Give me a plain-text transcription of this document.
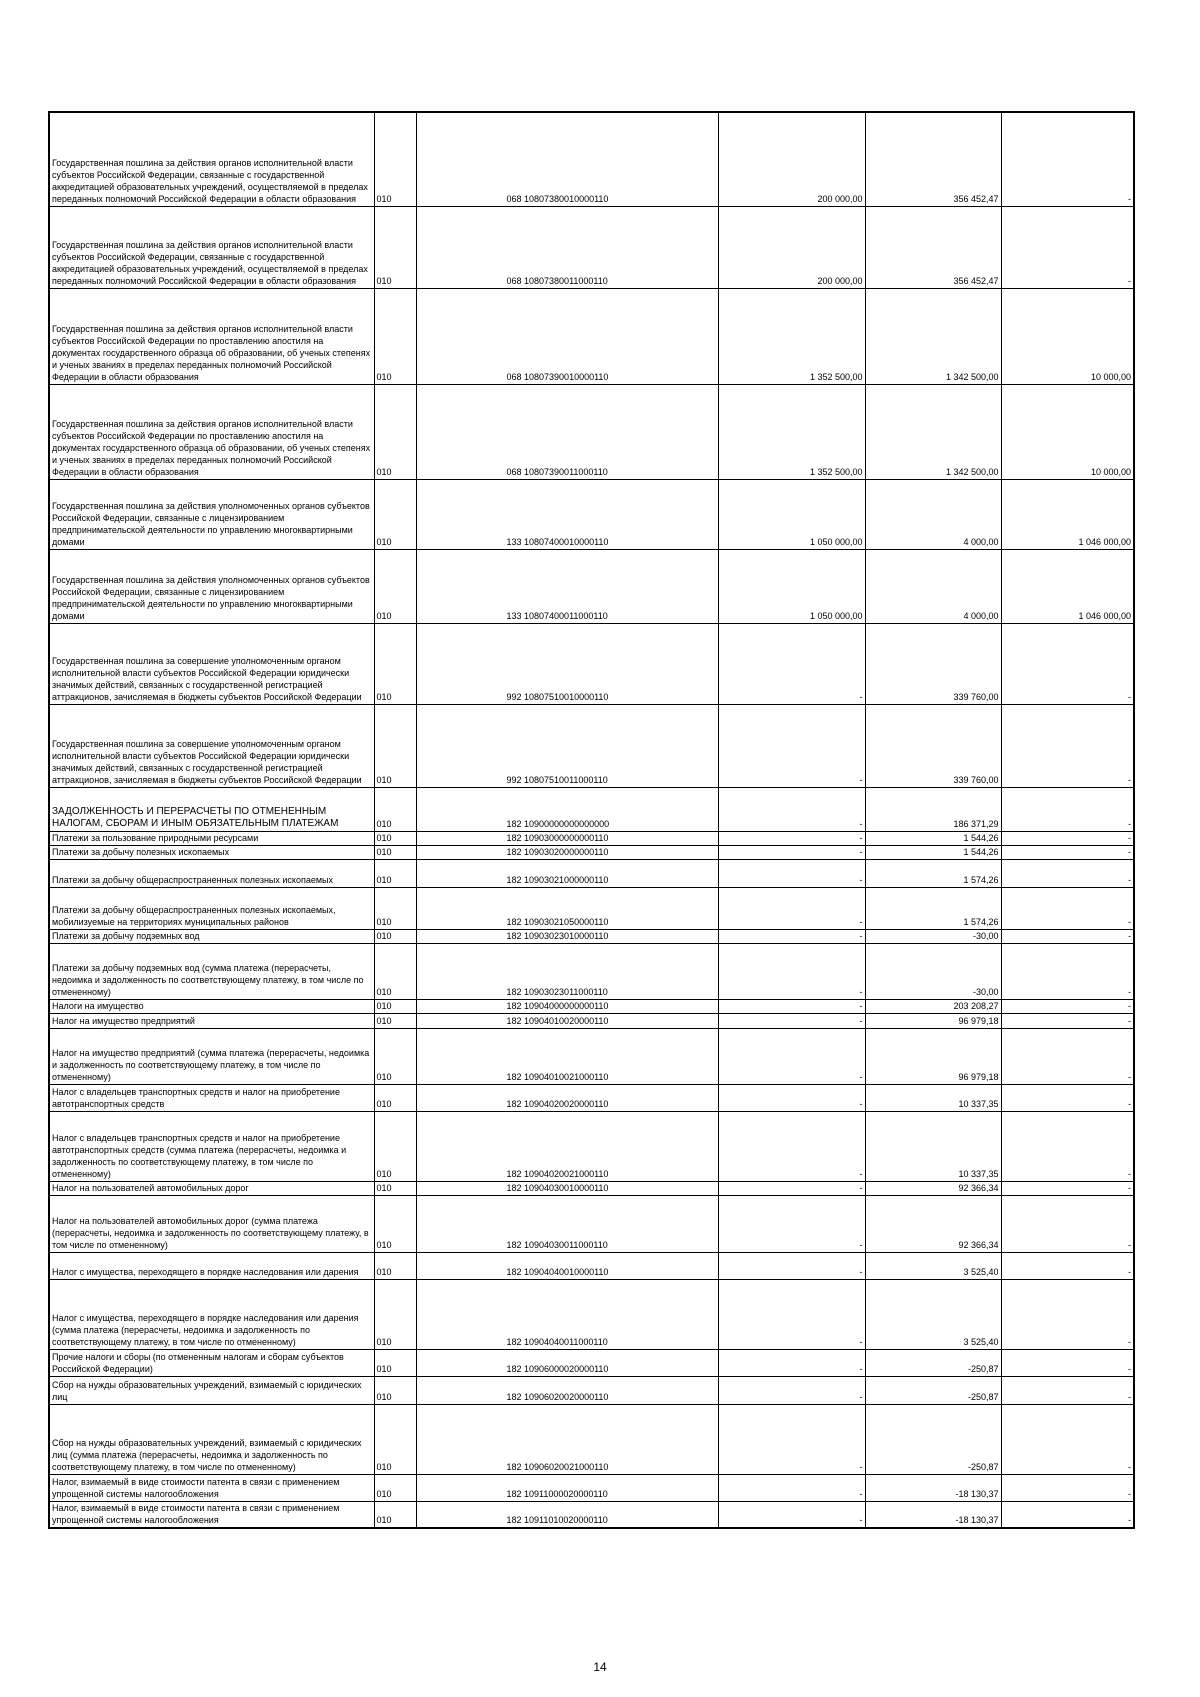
Государственная пошлина за действия органов исполнительной власти субъектов Российской Федерации, связанные с государственной аккредитацией образовательных учреждений, осуществляемой в пределах переданных полномочий Российской Федерации в области образования	010	068 10807380010000110	200 000,00	356 452,47	-
Государственная пошлина за действия органов исполнительной власти субъектов Российской Федерации, связанные с государственной аккредитацией образовательных учреждений, осуществляемой в пределах переданных полномочий Российской Федерации в области образования	010	068 10807380011000110	200 000,00	356 452,47	-
Государственная пошлина за действия органов исполнительной власти субъектов Российской Федерации по проставлению апостиля на документах государственного образца об образовании, об ученых степенях и ученых званиях в пределах переданных полномочий Российской Федерации в области образования	010	068 10807390010000110	1 352 500,00	1 342 500,00	10 000,00
Государственная пошлина за действия органов исполнительной власти субъектов Российской Федерации по проставлению апостиля на документах государственного образца об образовании, об ученых степенях и ученых званиях в пределах переданных полномочий Российской Федерации в области образования	010	068 10807390011000110	1 352 500,00	1 342 500,00	10 000,00
Государственная пошлина за действия уполномоченных органов субъектов Российской Федерации, связанные с лицензированием предпринимательской деятельности по управлению многоквартирными домами	010	133 10807400010000110	1 050 000,00	4 000,00	1 046 000,00
Государственная пошлина за действия уполномоченных органов субъектов Российской Федерации, связанные с лицензированием предпринимательской деятельности по управлению многоквартирными домами	010	133 10807400011000110	1 050 000,00	4 000,00	1 046 000,00
Государственная пошлина за совершение уполномоченным органом исполнительной власти субъектов Российской Федерации юридически значимых действий, связанных с государственной регистрацией аттракционов, зачисляемая в бюджеты субъектов Российской Федерации	010	992 10807510010000110	-	339 760,00	-
Государственная пошлина за совершение уполномоченным органом исполнительной власти субъектов Российской Федерации юридически значимых действий, связанных с государственной регистрацией аттракционов, зачисляемая в бюджеты субъектов Российской Федерации	010	992 10807510011000110	-	339 760,00	-
ЗАДОЛЖЕННОСТЬ И ПЕРЕРАСЧЕТЫ ПО ОТМЕНЕННЫМ НАЛОГАМ, СБОРАМ И ИНЫМ ОБЯЗАТЕЛЬНЫМ ПЛАТЕЖАМ	010	182 10900000000000000	-	186 371,29	-
Платежи за пользование природными ресурсами	010	182 10903000000000110	-	1 544,26	-
Платежи за добычу полезных ископаемых	010	182 10903020000000110	-	1 544,26	-
Платежи за добычу общераспространенных полезных ископаемых	010	182 10903021000000110	-	1 574,26	-
Платежи за добычу общераспространенных полезных ископаемых, мобилизуемые на территориях муниципальных районов	010	182 10903021050000110	-	1 574,26	-
Платежи за добычу подземных вод	010	182 10903023010000110	-	-30,00	-
Платежи за добычу подземных вод (сумма платежа (перерасчеты, недоимка и задолженность по соответствующему платежу, в том числе по отмененному)	010	182 10903023011000110	-	-30,00	-
Налоги на имущество	010	182 10904000000000110	-	203 208,27	-
Налог на имущество предприятий	010	182 10904010020000110	-	96 979,18	-
Налог на имущество предприятий (сумма платежа (перерасчеты, недоимка и задолженность по соответствующему платежу, в том числе по отмененному)	010	182 10904010021000110	-	96 979,18	-
Налог с владельцев транспортных средств и налог на приобретение автотранспортных средств	010	182 10904020020000110	-	10 337,35	-
Налог с владельцев транспортных средств и налог на приобретение автотранспортных средств (сумма платежа (перерасчеты, недоимка и задолженность по соответствующему платежу, в том числе по отмененному)	010	182 10904020021000110	-	10 337,35	-
Налог на пользователей автомобильных дорог	010	182 10904030010000110	-	92 366,34	-
Налог на пользователей автомобильных дорог (сумма платежа (перерасчеты, недоимка и задолженность по соответствующему платежу, в том числе по отмененному)	010	182 10904030011000110	-	92 366,34	-
Налог с имущества, переходящего в порядке наследования или дарения	010	182 10904040010000110	-	3 525,40	-
Налог с имущества, переходящего в порядке наследования или дарения (сумма платежа (перерасчеты, недоимка и задолженность по соответствующему платежу, в том числе по отмененному)	010	182 10904040011000110	-	3 525,40	-
Прочие налоги и сборы (по отмененным налогам и сборам субъектов Российской Федерации)	010	182 10906000020000110	-	-250,87	-
Сбор на нужды образовательных учреждений, взимаемый с юридических лиц	010	182 10906020020000110	-	-250,87	-
Сбор на нужды образовательных учреждений, взимаемый с юридических лиц (сумма платежа (перерасчеты, недоимка и задолженность по соответствующему платежу, в том числе по отмененному)	010	182 10906020021000110	-	-250,87	-
Налог, взимаемый в виде стоимости патента в связи с применением упрощенной системы налогообложения	010	182 10911000020000110	-	-18 130,37	-
Налог, взимаемый в виде стоимости патента в связи с применением упрощенной системы налогообложения	010	182 10911010020000110	-	-18 130,37	-
14
